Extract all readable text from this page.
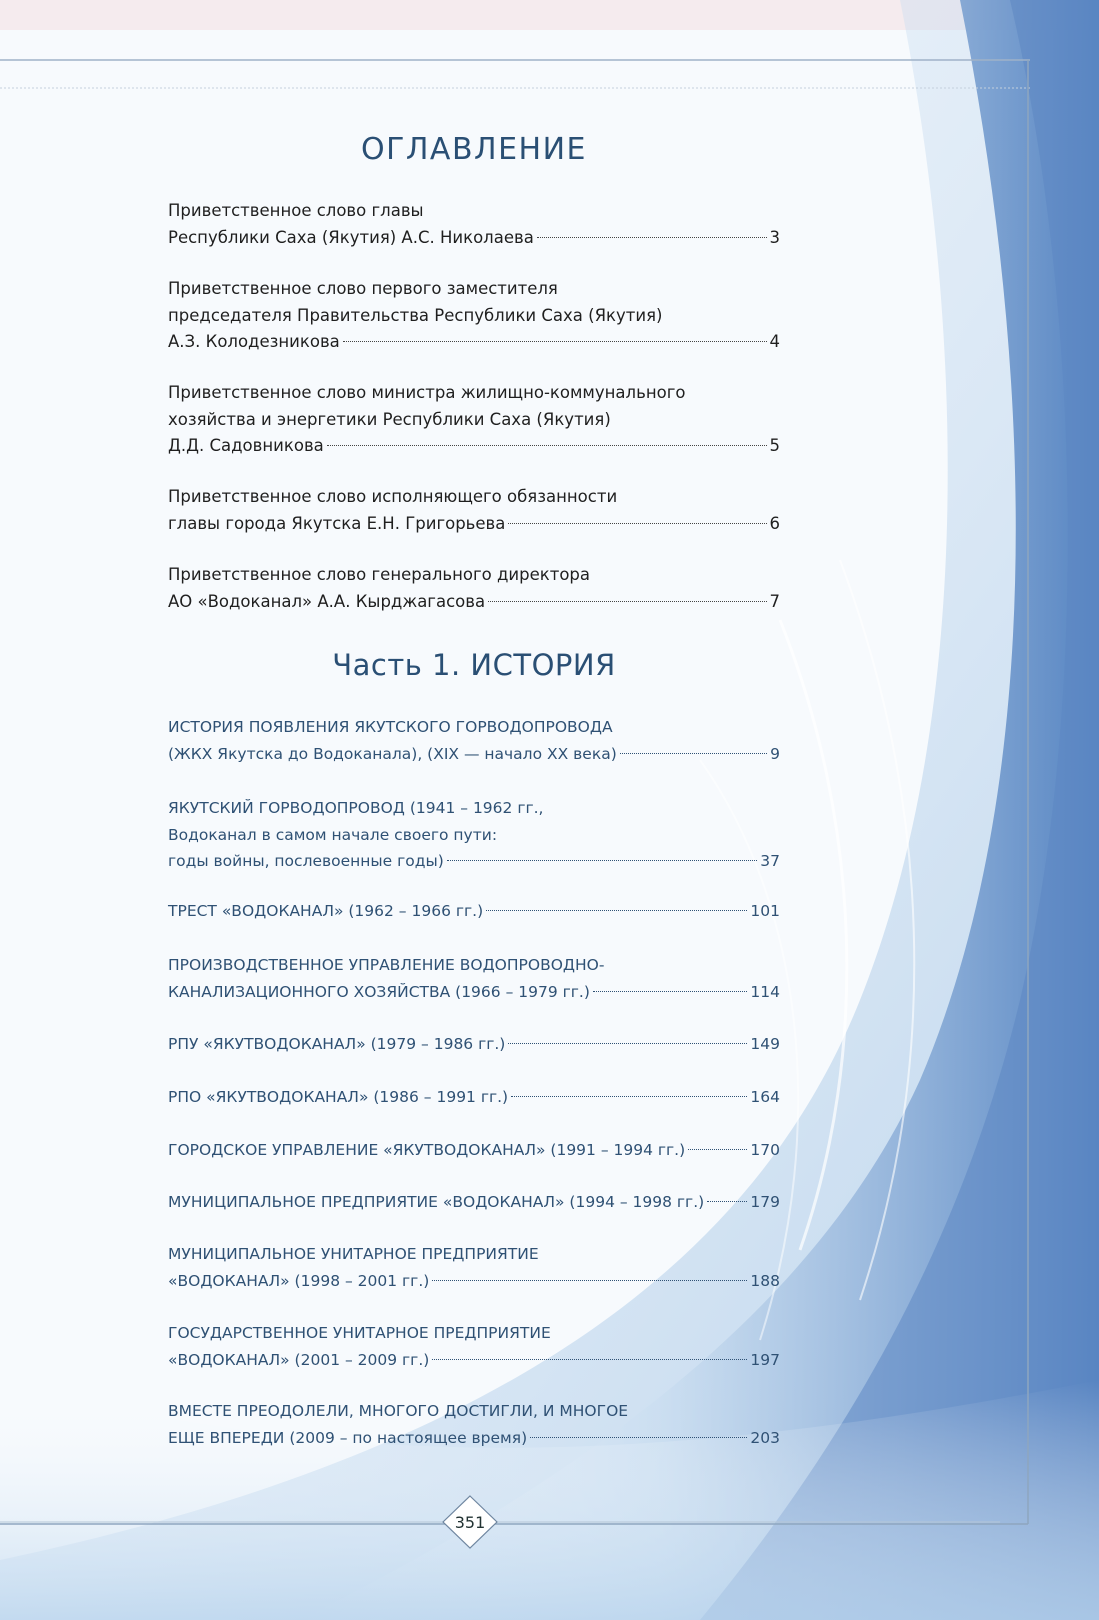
ОГЛАВЛЕНИЕ
Приветственное слово главы
Республики Саха (Якутия) А.С. Николаева	3
Приветственное слово первого заместителя
председателя Правительства Республики Саха (Якутия)
А.З. Колодезникова	4
Приветственное слово министра жилищно-коммунального
хозяйства и энергетики Республики Саха (Якутия)
Д.Д. Садовникова	5
Приветственное слово исполняющего обязанности
главы города Якутска Е.Н. Григорьева	6
Приветственное слово генерального директора
АО «Водоканал» А.А. Кырджагасова	7
Часть 1. ИСТОРИЯ
ИСТОРИЯ ПОЯВЛЕНИЯ ЯКУТСКОГО ГОРВОДОПРОВОДА
(ЖКХ Якутска до Водоканала), (XIX — начало XX века)	9
ЯКУТСКИЙ ГОРВОДОПРОВОД (1941 – 1962 гг.,
Водоканал в самом начале своего пути:
годы войны, послевоенные годы)	37
ТРЕСТ «ВОДОКАНАЛ» (1962 – 1966 гг.)	101
ПРОИЗВОДСТВЕННОЕ УПРАВЛЕНИЕ ВОДОПРОВОДНО-
КАНАЛИЗАЦИОННОГО ХОЗЯЙСТВА (1966 – 1979 гг.)	114
РПУ «ЯКУТВОДОКАНАЛ» (1979 – 1986 гг.)	149
РПО «ЯКУТВОДОКАНАЛ» (1986 – 1991 гг.)	164
ГОРОДСКОЕ УПРАВЛЕНИЕ «ЯКУТВОДОКАНАЛ» (1991 – 1994 гг.)	170
МУНИЦИПАЛЬНОЕ ПРЕДПРИЯТИЕ «ВОДОКАНАЛ» (1994 – 1998 гг.)	179
МУНИЦИПАЛЬНОЕ УНИТАРНОЕ ПРЕДПРИЯТИЕ
«ВОДОКАНАЛ» (1998 – 2001 гг.)	188
ГОСУДАРСТВЕННОЕ УНИТАРНОЕ ПРЕДПРИЯТИЕ
«ВОДОКАНАЛ» (2001 – 2009 гг.)	197
ВМЕСТЕ ПРЕОДОЛЕЛИ, МНОГОГО ДОСТИГЛИ, И МНОГОЕ
ЕЩЕ ВПЕРЕДИ (2009 – по настоящее время)	203
351
